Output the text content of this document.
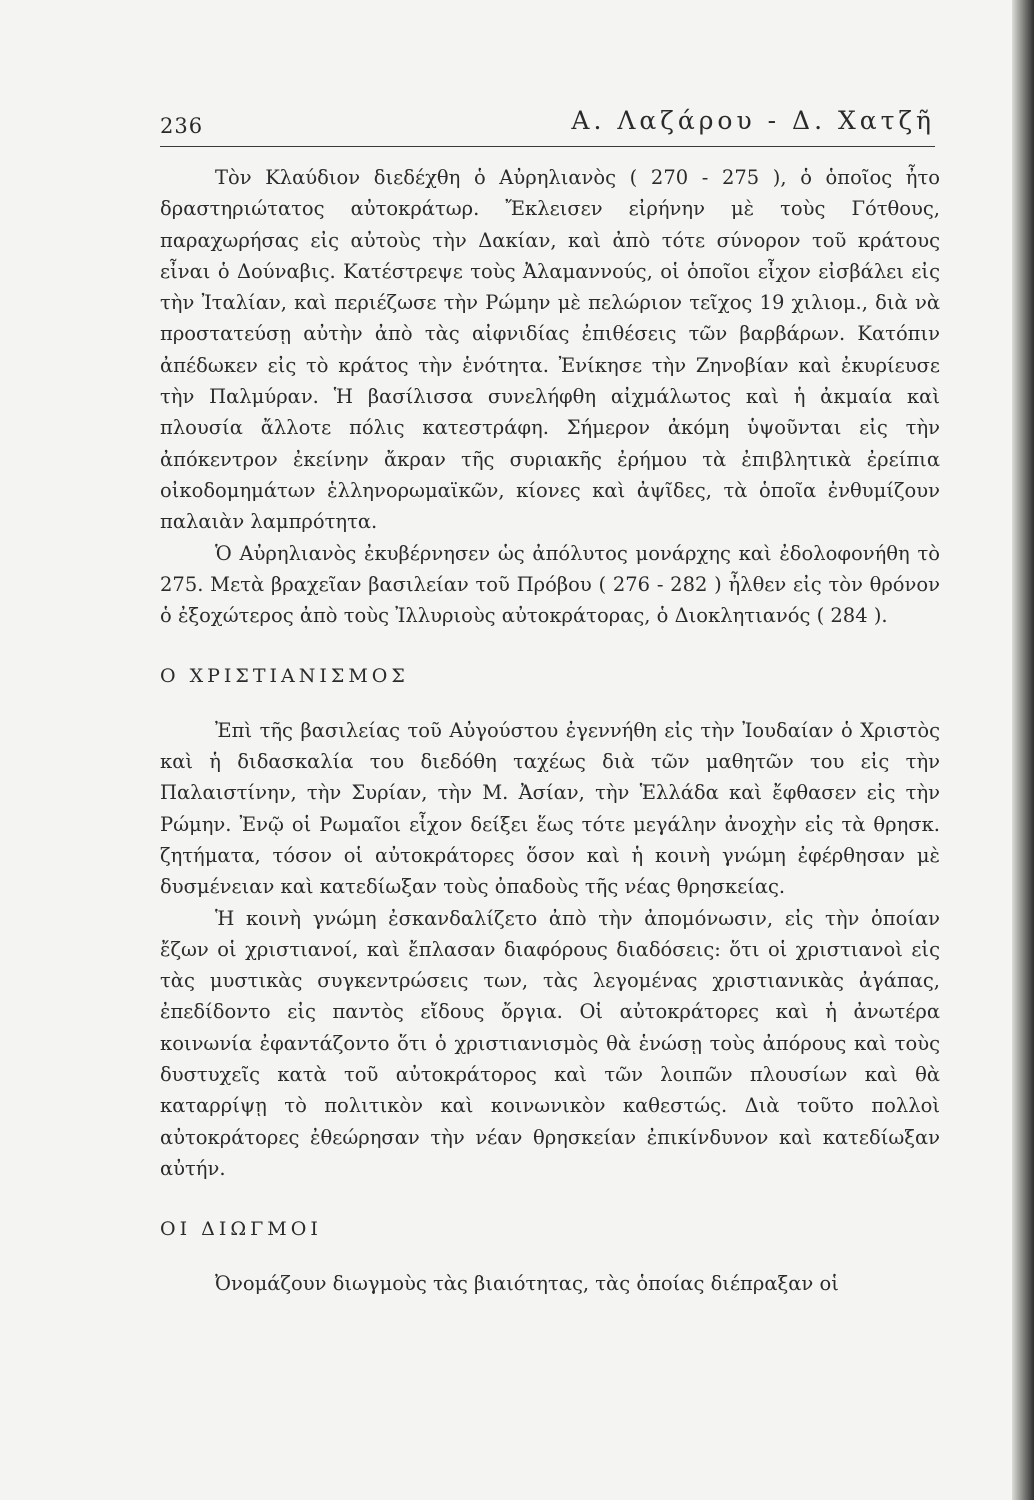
236	Α. Λαζάρου - Δ. Χατζῆ

Τὸν Κλαύδιον διεδέχθη ὁ Αὐρηλιανὸς ( 270 - 275 ), ὁ ὁποῖος ἦτο δραστηριώτατος αὐτοκράτωρ. Ἔκλεισεν εἰρήνην μὲ τοὺς Γότθους, παραχωρήσας εἰς αὐτοὺς τὴν Δακίαν, καὶ ἀπὸ τότε σύνορον τοῦ κράτους εἶναι ὁ Δούναβις. Κατέστρεψε τοὺς Ἀλαμαννούς, οἱ ὁποῖοι εἶχον εἰσβάλει εἰς τὴν Ἰταλίαν, καὶ περιέζωσε τὴν Ρώμην μὲ πελώριον τεῖχος 19 χιλιομ., διὰ νὰ προστατεύσῃ αὐτὴν ἀπὸ τὰς αἰφνιδίας ἐπιθέσεις τῶν βαρβάρων. Κατόπιν ἀπέδωκεν εἰς τὸ κράτος τὴν ἑνότητα. Ἐνίκησε τὴν Ζηνοβίαν καὶ ἐκυρίευσε τὴν Παλμύραν. Ἡ βασίλισσα συνελήφθη αἰχμάλωτος καὶ ἡ ἀκμαία καὶ πλουσία ἄλλοτε πόλις κατεστράφη. Σήμερον ἀκόμη ὑψοῦνται εἰς τὴν ἀπόκεντρον ἐκείνην ἄκραν τῆς συριακῆς ἐρήμου τὰ ἐπιβλητικὰ ἐρείπια οἰκοδομημάτων ἑλληνορωμαϊκῶν, κίονες καὶ ἀψῖδες, τὰ ὁποῖα ἐνθυμίζουν παλαιὰν λαμπρότητα.

Ὁ Αὐρηλιανὸς ἐκυβέρνησεν ὡς ἀπόλυτος μονάρχης καὶ ἐδολοφονήθη τὸ 275. Μετὰ βραχεῖαν βασιλείαν τοῦ Πρόβου ( 276 - 282 ) ἦλθεν εἰς τὸν θρόνον ὁ ἐξοχώτερος ἀπὸ τοὺς Ἰλλυριοὺς αὐτοκράτορας, ὁ Διοκλητιανός ( 284 ).

Ο ΧΡΙΣΤΙΑΝΙΣΜΟΣ

Ἐπὶ τῆς βασιλείας τοῦ Αὐγούστου ἐγεννήθη εἰς τὴν Ἰουδαίαν ὁ Χριστὸς καὶ ἡ διδασκαλία του διεδόθη ταχέως διὰ τῶν μαθητῶν του εἰς τὴν Παλαιστίνην, τὴν Συρίαν, τὴν Μ. Ἀσίαν, τὴν Ἑλλάδα καὶ ἔφθασεν εἰς τὴν Ρώμην. Ἐνῷ οἱ Ρωμαῖοι εἶχον δείξει ἕως τότε μεγάλην ἀνοχὴν εἰς τὰ θρησκ. ζητήματα, τόσον οἱ αὐτοκράτορες ὅσον καὶ ἡ κοινὴ γνώμη ἐφέρθησαν μὲ δυσμένειαν καὶ κατεδίωξαν τοὺς ὀπαδοὺς τῆς νέας θρησκείας.

Ἡ κοινὴ γνώμη ἐσκανδαλίζετο ἀπὸ τὴν ἀπομόνωσιν, εἰς τὴν ὁποίαν ἔζων οἱ χριστιανοί, καὶ ἔπλασαν διαφόρους διαδόσεις: ὅτι οἱ χριστιανοὶ εἰς τὰς μυστικὰς συγκεντρώσεις των, τὰς λεγομένας χριστιανικὰς ἀγάπας, ἐπεδίδοντο εἰς παντὸς εἴδους ὄργια. Οἱ αὐτοκράτορες καὶ ἡ ἀνωτέρα κοινωνία ἐφαντάζοντο ὅτι ὁ χριστιανισμὸς θὰ ἑνώσῃ τοὺς ἀπόρους καὶ τοὺς δυστυχεῖς κατὰ τοῦ αὐτοκράτορος καὶ τῶν λοιπῶν πλουσίων καὶ θὰ καταρρίψῃ τὸ πολιτικὸν καὶ κοινωνικὸν καθεστώς. Διὰ τοῦτο πολλοὶ αὐτοκράτορες ἐθεώρησαν τὴν νέαν θρησκείαν ἐπικίνδυνον καὶ κατεδίωξαν αὐτήν.

ΟΙ ΔΙΩΓΜΟΙ

Ὀνομάζουν διωγμοὺς τὰς βιαιότητας, τὰς ὁποίας διέπραξαν οἱ
